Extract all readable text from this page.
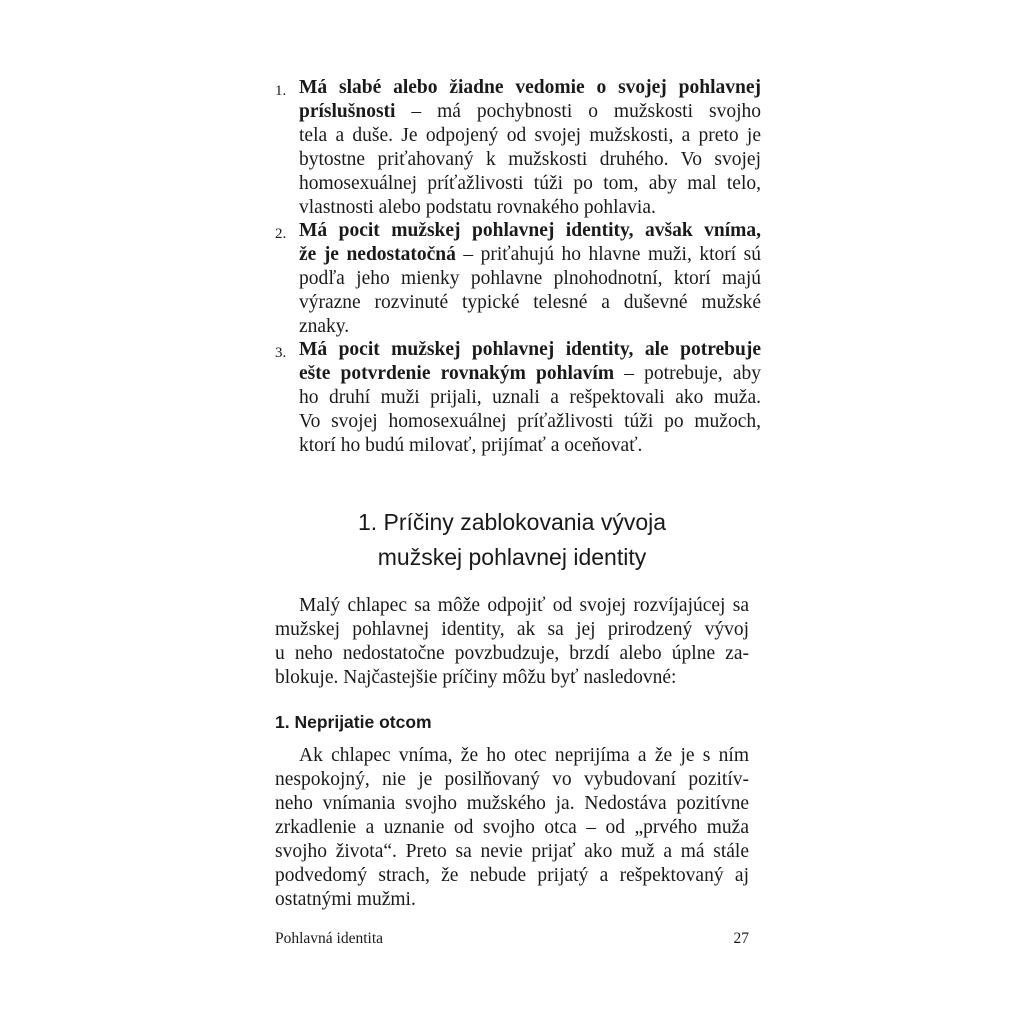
1. Má slabé alebo žiadne vedomie o svojej pohlavnej
príslušnosti – má pochybnosti o mužskosti svojho
tela a duše. Je odpojený od svojej mužskosti, a preto je
bytostne priťahovaný k mužskosti druhého. Vo svojej
homosexuálnej príťažlivosti túži po tom, aby mal telo,
vlastnosti alebo podstatu rovnakého pohlavia.
2. Má pocit mužskej pohlavnej identity, avšak vníma,
že je nedostatočná – priťahujú ho hlavne muži, ktorí sú
podľa jeho mienky pohlavne plnohodnotní, ktorí majú
výrazne rozvinuté typické telesné a duševné mužské
znaky.
3. Má pocit mužskej pohlavnej identity, ale potrebuje
ešte potvrdenie rovnakým pohlavím – potrebuje, aby
ho druhí muži prijali, uznali a rešpektovali ako muža.
Vo svojej homosexuálnej príťažlivosti túži po mužoch,
ktorí ho budú milovať, prijímať a oceňovať.
1. Príčiny zablokovania vývoja
mužskej pohlavnej identity
Malý chlapec sa môže odpojiť od svojej rozvíjajúcej sa
mužskej pohlavnej identity, ak sa jej prirodzený vývoj
u neho nedostatočne povzbudzuje, brzdí alebo úplne za-
blokuje. Najčastejšie príčiny môžu byť nasledovné:
1. Neprijatie otcom
Ak chlapec vníma, že ho otec neprijíma a že je s ním
nespokojný, nie je posilňovaný vo vybudovaní pozitív-
neho vnímania svojho mužského ja. Nedostáva pozitívne
zrkadlenie a uznanie od svojho otca – od „prvého muža
svojho života“. Preto sa nevie prijať ako muž a má stále
podvedomý strach, že nebude prijatý a rešpektovaný aj
ostatnými mužmi.
Pohlavná identita	27
